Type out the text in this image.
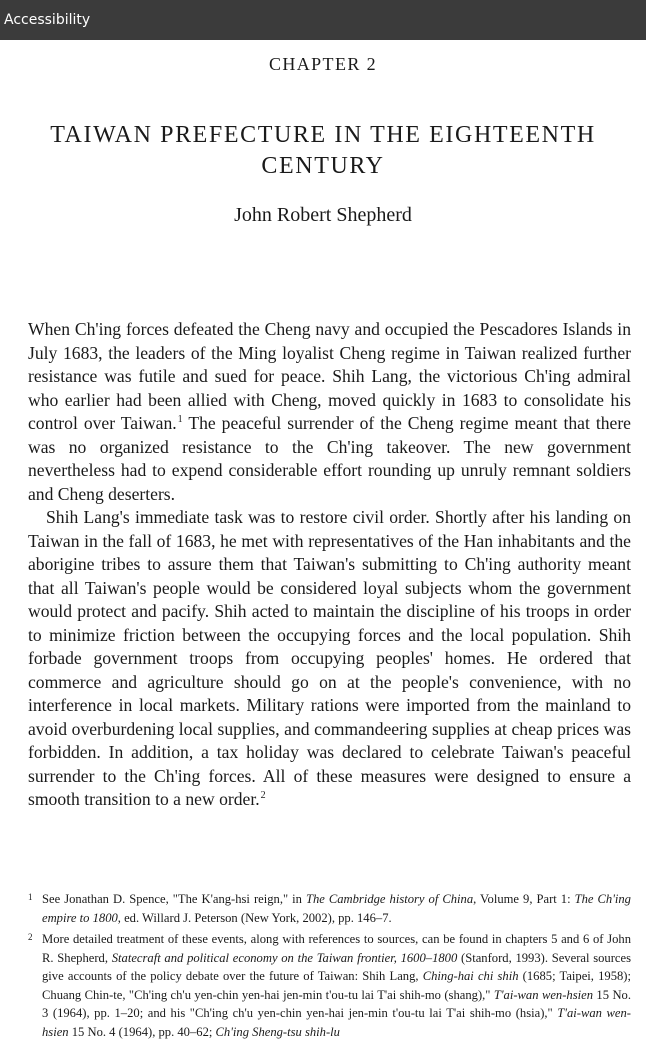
Accessibility
CHAPTER 2
TAIWAN PREFECTURE IN THE EIGHTEENTH CENTURY
John Robert Shepherd

When Ch'ing forces defeated the Cheng navy and occupied the Pescadores Islands in July 1683, the leaders of the Ming loyalist Cheng regime in Taiwan realized further resistance was futile and sued for peace. Shih Lang, the victorious Ch'ing admiral who earlier had been allied with Cheng, moved quickly in 1683 to consolidate his control over Taiwan.$^1$ The peaceful surrender of the Cheng regime meant that there was no organized resistance to the Ch'ing takeover. The new government nevertheless had to expend considerable effort rounding up unruly remnant soldiers and Cheng deserters.

Shih Lang's immediate task was to restore civil order. Shortly after his landing on Taiwan in the fall of 1683, he met with representatives of the Han inhabitants and the aborigine tribes to assure them that Taiwan's submitting to Ch'ing authority meant that all Taiwan's people would be considered loyal subjects whom the government would protect and pacify. Shih acted to maintain the discipline of his troops in order to minimize friction between the occupying forces and the local population. Shih forbade government troops from occupying peoples' homes. He ordered that commerce and agriculture should go on at the people's convenience, with no interference in local markets. Military rations were imported from the mainland to avoid overburdening local supplies, and commandeering supplies at cheap prices was forbidden. In addition, a tax holiday was declared to celebrate Taiwan's peaceful surrender to the Ch'ing forces. All of these measures were designed to ensure a smooth transition to a new order.$^2$

1 See Jonathan D. Spence, "The K'ang-hsi reign," in The Cambridge history of China, Volume 9, Part 1: The Ch'ing empire to 1800, ed. Willard J. Peterson (New York, 2002), pp. 146–7.
2 More detailed treatment of these events, along with references to sources, can be found in chapters 5 and 6 of John R. Shepherd, Statecraft and political economy on the Taiwan frontier, 1600–1800 (Stanford, 1993). Several sources give accounts of the policy debate over the future of Taiwan: Shih Lang, Ching-hai chi shih (1685; Taipei, 1958); Chuang Chin-te, "Ch'ing ch'u yen-chin yen-hai jen-min t'ou-tu lai T'ai shih-mo (shang)," T'ai-wan wen-hsien 15 No. 3 (1964), pp. 1–20; and his "Ch'ing ch'u yen-chin yen-hai jen-min t'ou-tu lai T'ai shih-mo (hsia)," T'ai-wan wen-hsien 15 No. 4 (1964), pp. 40–62; Ch'ing Sheng-tsu shih-lu
